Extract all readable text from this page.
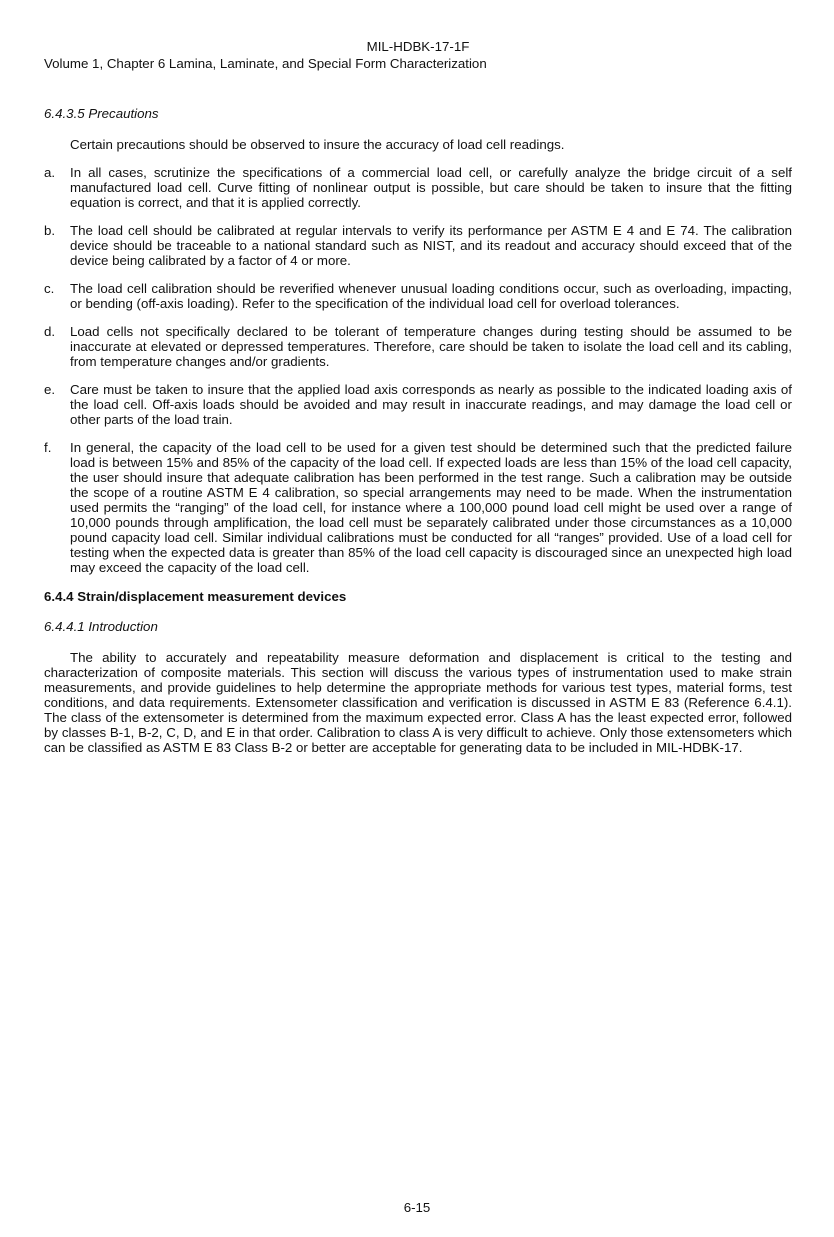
MIL-HDBK-17-1F
Volume 1, Chapter 6 Lamina, Laminate, and Special Form Characterization
6.4.3.5 Precautions
Certain precautions should be observed to insure the accuracy of load cell readings.
a.	In all cases, scrutinize the specifications of a commercial load cell, or carefully analyze the bridge circuit of a self manufactured load cell. Curve fitting of nonlinear output is possible, but care should be taken to insure that the fitting equation is correct, and that it is applied correctly.
b.	The load cell should be calibrated at regular intervals to verify its performance per ASTM E 4 and E 74. The calibration device should be traceable to a national standard such as NIST, and its readout and accuracy should exceed that of the device being calibrated by a factor of 4 or more.
c.	The load cell calibration should be reverified whenever unusual loading conditions occur, such as overloading, impacting, or bending (off-axis loading). Refer to the specification of the individual load cell for overload tolerances.
d.	Load cells not specifically declared to be tolerant of temperature changes during testing should be assumed to be inaccurate at elevated or depressed temperatures. Therefore, care should be taken to isolate the load cell and its cabling, from temperature changes and/or gradients.
e.	Care must be taken to insure that the applied load axis corresponds as nearly as possible to the indicated loading axis of the load cell. Off-axis loads should be avoided and may result in inaccurate readings, and may damage the load cell or other parts of the load train.
f.	In general, the capacity of the load cell to be used for a given test should be determined such that the predicted failure load is between 15% and 85% of the capacity of the load cell. If expected loads are less than 15% of the load cell capacity, the user should insure that adequate calibration has been performed in the test range. Such a calibration may be outside the scope of a routine ASTM E 4 calibration, so special arrangements may need to be made. When the instrumentation used permits the “ranging” of the load cell, for instance where a 100,000 pound load cell might be used over a range of 10,000 pounds through amplification, the load cell must be separately calibrated under those circumstances as a 10,000 pound capacity load cell. Similar individual calibrations must be conducted for all “ranges” provided. Use of a load cell for testing when the expected data is greater than 85% of the load cell capacity is discouraged since an unexpected high load may exceed the capacity of the load cell.
6.4.4 Strain/displacement measurement devices
6.4.4.1 Introduction
The ability to accurately and repeatability measure deformation and displacement is critical to the testing and characterization of composite materials. This section will discuss the various types of instrumentation used to make strain measurements, and provide guidelines to help determine the appropriate methods for various test types, material forms, test conditions, and data requirements. Extensometer classification and verification is discussed in ASTM E 83 (Reference 6.4.1). The class of the extensometer is determined from the maximum expected error. Class A has the least expected error, followed by classes B-1, B-2, C, D, and E in that order. Calibration to class A is very difficult to achieve. Only those extensometers which can be classified as ASTM E 83 Class B-2 or better are acceptable for generating data to be included in MIL-HDBK-17.
6-15
